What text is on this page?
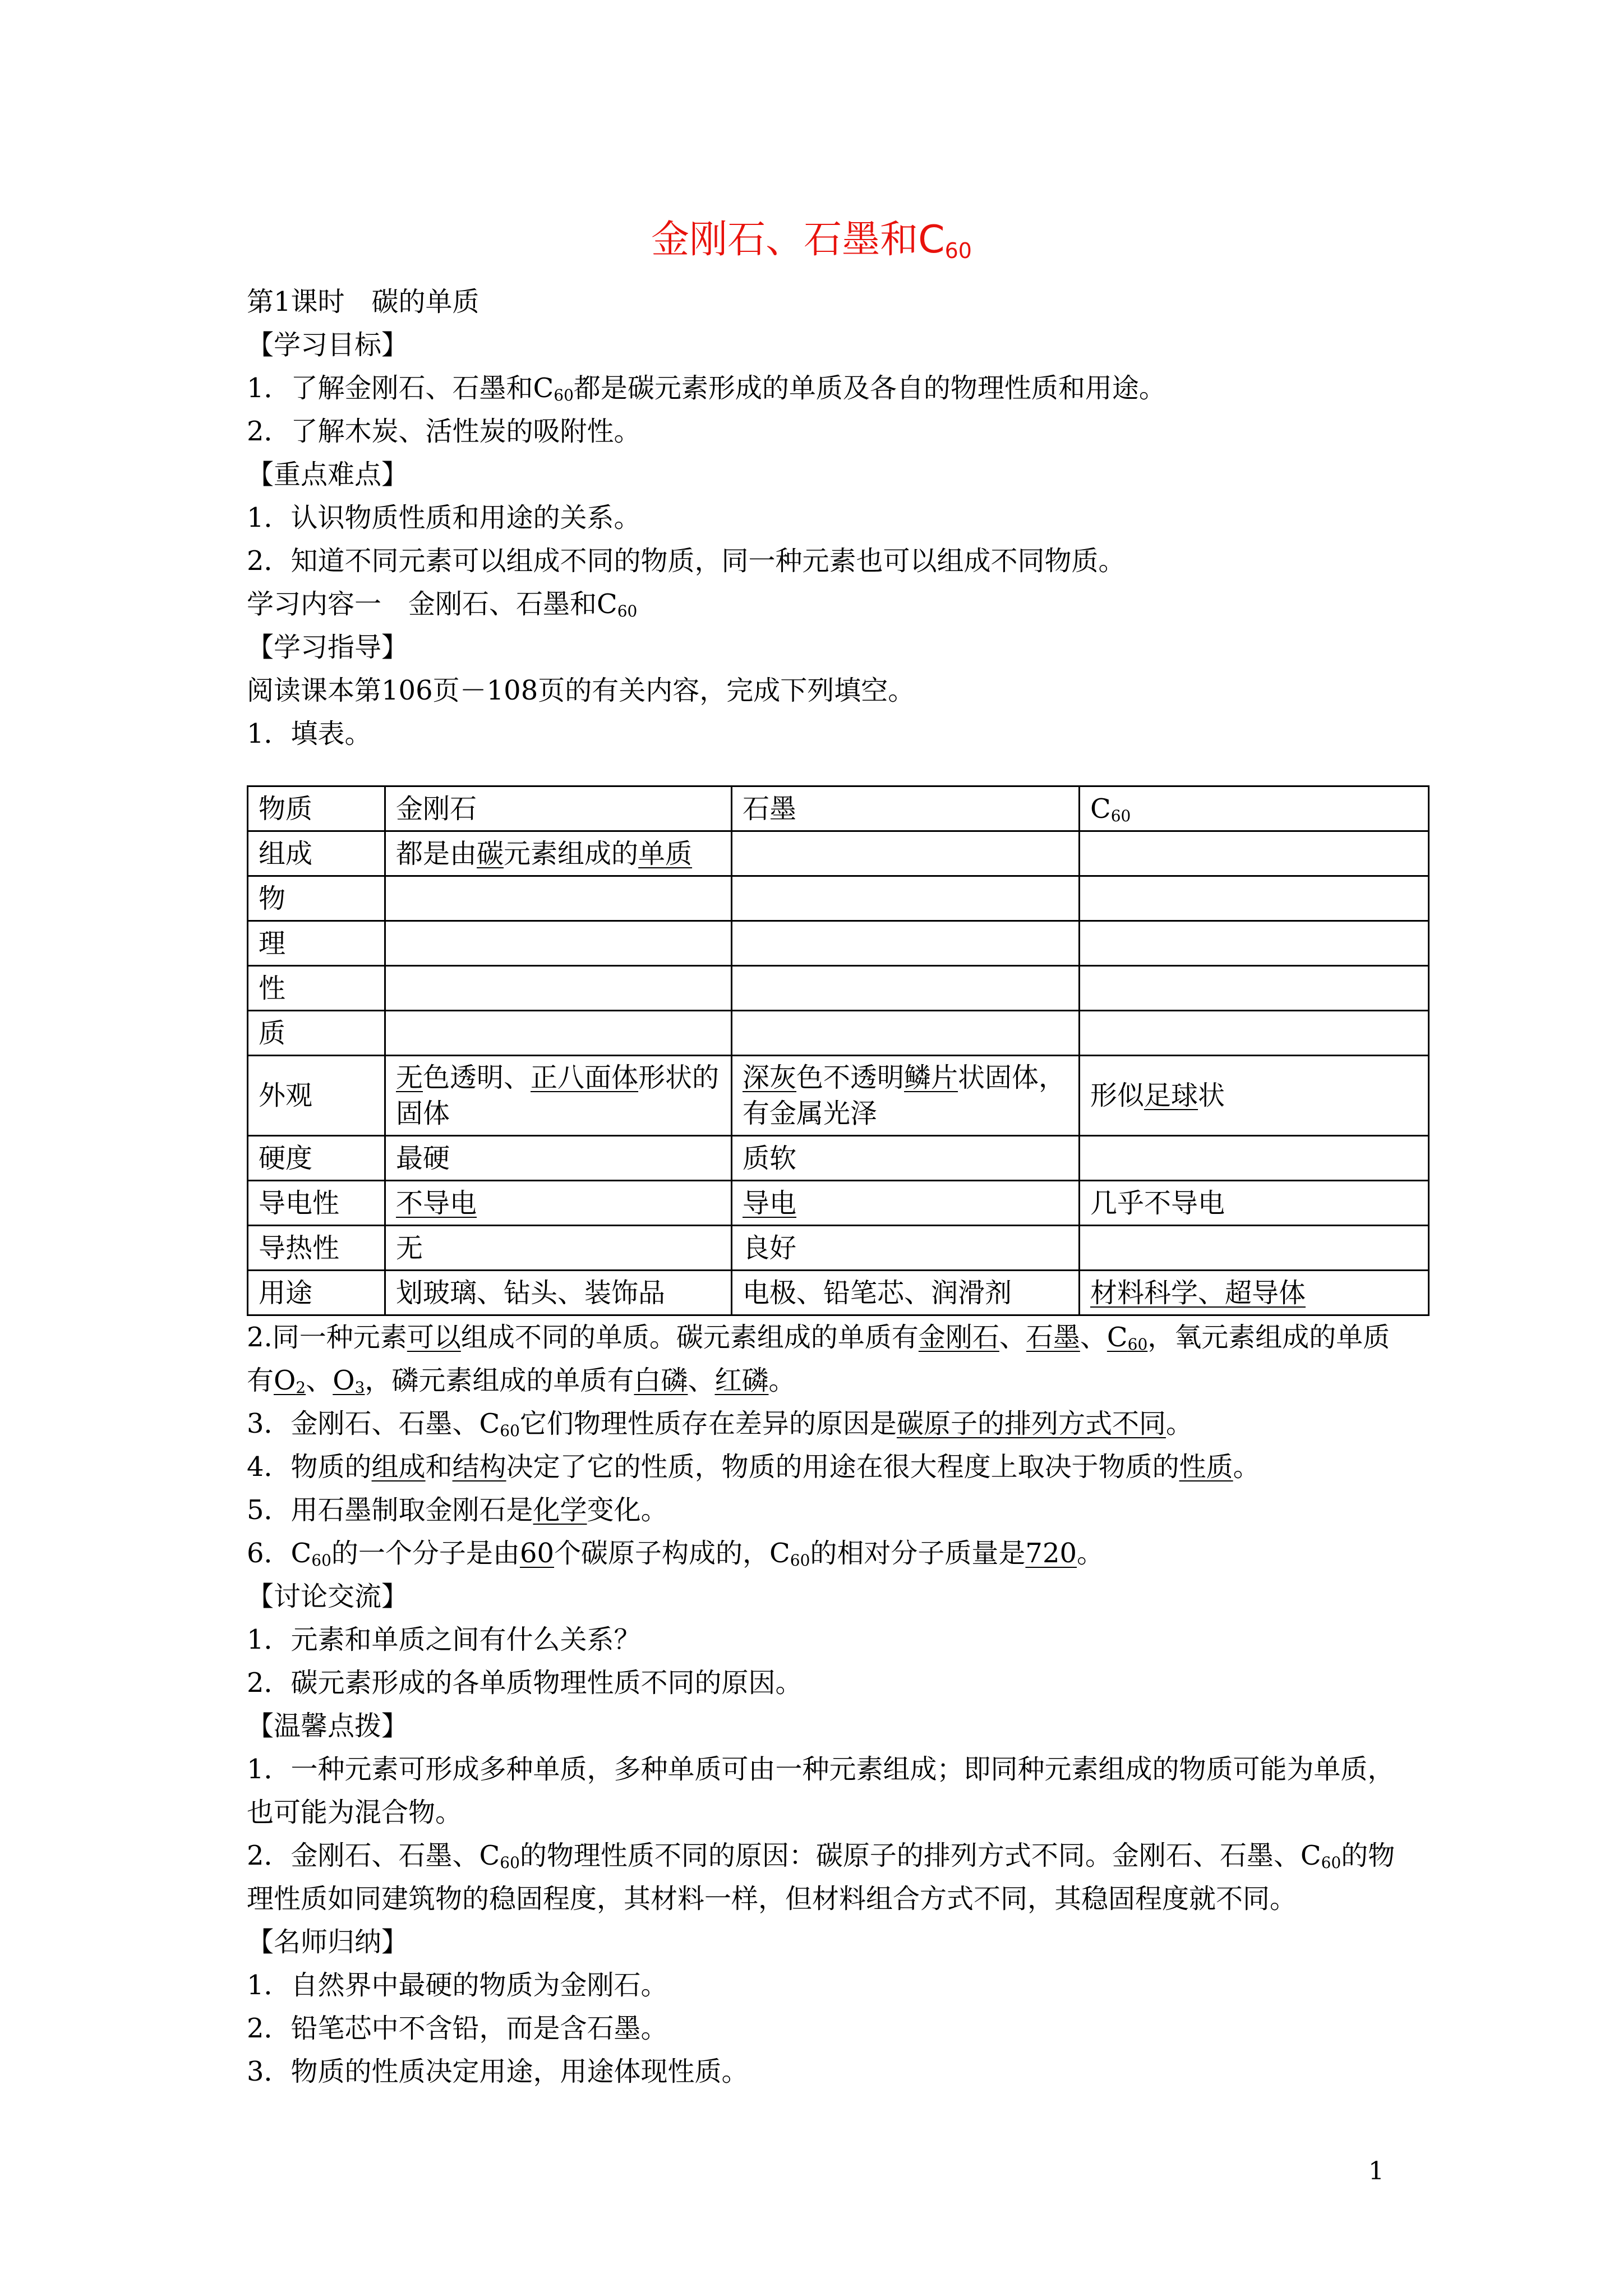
金刚石、石墨和$C_{60}$
第1课时　碳的单质
【学习目标】
1．了解金刚石、石墨和$C_{60}$都是碳元素形成的单质及各自的物理性质和用途。
2．了解木炭、活性炭的吸附性。
【重点难点】
1．认识物质性质和用途的关系。
2．知道不同元素可以组成不同的物质，同一种元素也可以组成不同物质。
学习内容一　金刚石、石墨和$C_{60}$
【学习指导】
阅读课本第106页－108页的有关内容，完成下列填空。
1．填表。
物质	金刚石	石墨	$C_{60}$
组成	都是由碳元素组成的单质		
物			
理			
性			
质			
外观	无色透明、正八面体形状的固体	深灰色不透明鳞片状固体，有金属光泽	形似足球状
硬度	最硬	质软	
导电性	不导电	导电	几乎不导电
导热性	无	良好	
用途	划玻璃、钻头、装饰品	电极、铅笔芯、润滑剂	材料科学、超导体
2.同一种元素可以组成不同的单质。碳元素组成的单质有金刚石、石墨、$C_{60}$，氧元素组成的单质有$O_2$、$O_3$，磷元素组成的单质有白磷、红磷。
3．金刚石、石墨、$C_{60}$它们物理性质存在差异的原因是碳原子的排列方式不同。
4．物质的组成和结构决定了它的性质，物质的用途在很大程度上取决于物质的性质。
5．用石墨制取金刚石是化学变化。
6．$C_{60}$的一个分子是由60个碳原子构成的，$C_{60}$的相对分子质量是720。
【讨论交流】
1．元素和单质之间有什么关系？
2．碳元素形成的各单质物理性质不同的原因。
【温馨点拨】
1．一种元素可形成多种单质，多种单质可由一种元素组成；即同种元素组成的物质可能为单质，也可能为混合物。
2．金刚石、石墨、$C_{60}$的物理性质不同的原因：碳原子的排列方式不同。金刚石、石墨、$C_{60}$的物理性质如同建筑物的稳固程度，其材料一样，但材料组合方式不同，其稳固程度就不同。
【名师归纳】
1．自然界中最硬的物质为金刚石。
2．铅笔芯中不含铅，而是含石墨。
3．物质的性质决定用途，用途体现性质。
1
